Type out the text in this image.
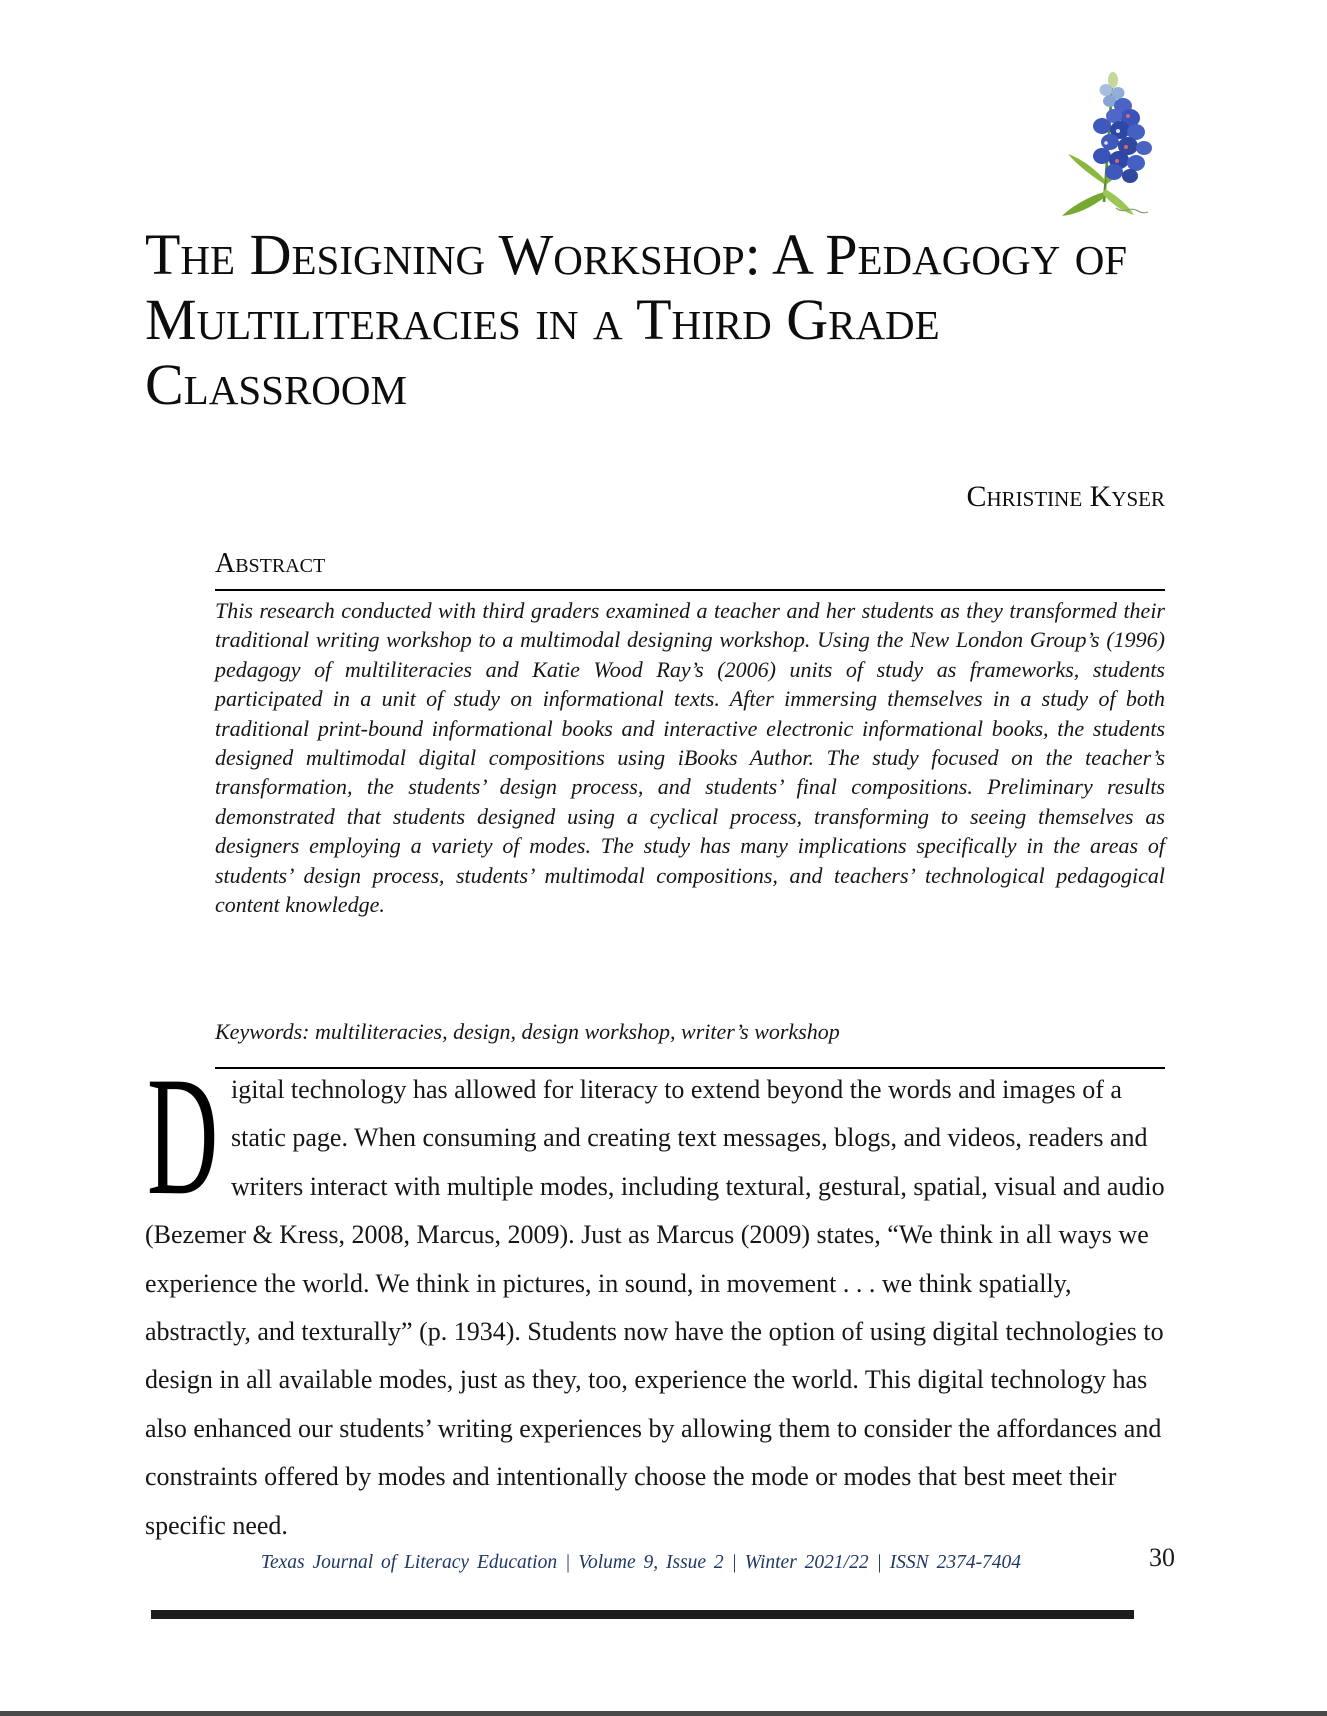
The Designing Workshop: A Pedagogy of Multiliteracies in a Third Grade Classroom
Christine Kyser
Abstract
This research conducted with third graders examined a teacher and her students as they transformed their traditional writing workshop to a multimodal designing workshop. Using the New London Group’s (1996) pedagogy of multiliteracies and Katie Wood Ray’s (2006) units of study as frameworks, students participated in a unit of study on informational texts. After immersing themselves in a study of both traditional print-bound informational books and interactive electronic informational books, the students designed multimodal digital compositions using iBooks Author. The study focused on the teacher’s transformation, the students’ design process, and students’ final compositions. Preliminary results demonstrated that students designed using a cyclical process, transforming to seeing themselves as designers employing a variety of modes. The study has many implications specifically in the areas of students’ design process, students’ multimodal compositions, and teachers’ technological pedagogical content knowledge.
Keywords: multiliteracies, design, design workshop, writer’s workshop
D igital technology has allowed for literacy to extend beyond the words and images of a static page. When consuming and creating text messages, blogs, and videos, readers and writers interact with multiple modes, including textural, gestural, spatial, visual and audio (Bezemer & Kress, 2008, Marcus, 2009). Just as Marcus (2009) states, “We think in all ways we experience the world. We think in pictures, in sound, in movement . . . we think spatially, abstractly, and texturally” (p. 1934). Students now have the option of using digital technologies to design in all available modes, just as they, too, experience the world. This digital technology has also enhanced our students’ writing experiences by allowing them to consider the affordances and constraints offered by modes and intentionally choose the mode or modes that best meet their specific need.
Texas Journal of Literacy Education | Volume 9, Issue 2 | Winter 2021/22 | ISSN 2374-7404	30
